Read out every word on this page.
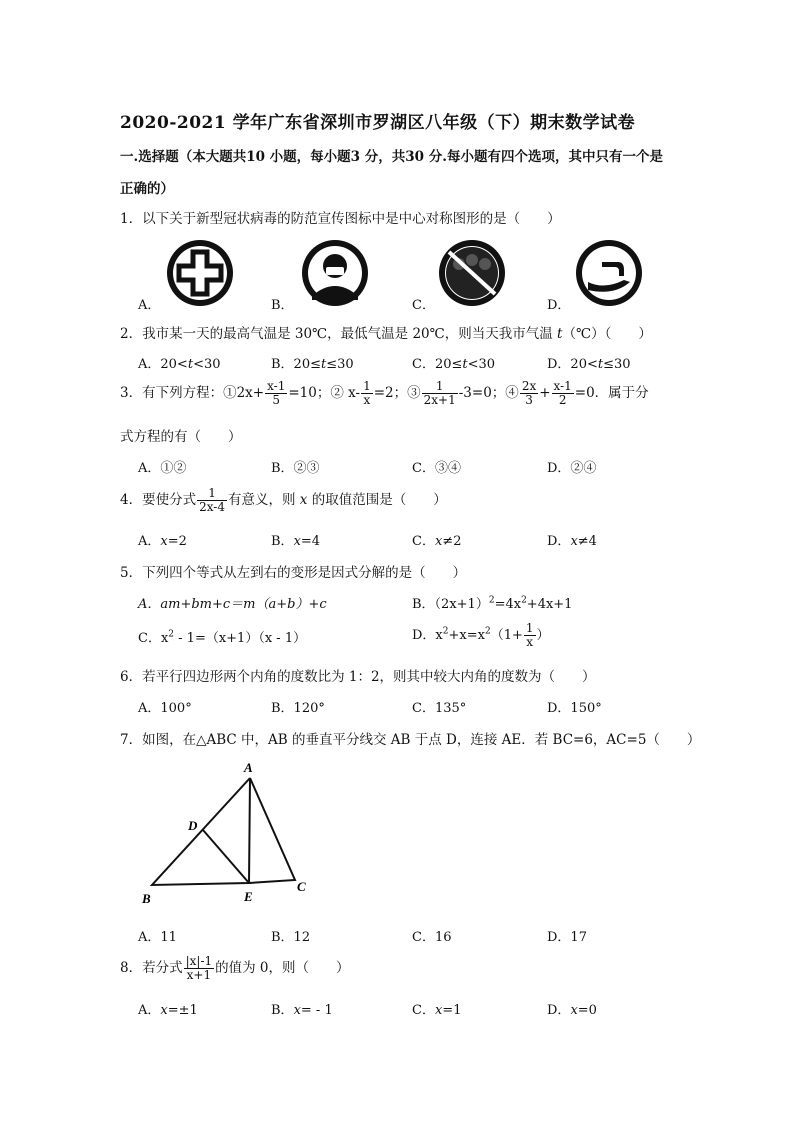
2020-2021 学年广东省深圳市罗湖区八年级（下）期末数学试卷
一.选择题（本大题共10 小题，每小题3 分，共30 分.每小题有四个选项，其中只有一个是
正确的）
1．以下关于新型冠状病毒的防范宣传图标中是中心对称图形的是（　　）
A．	B．	C．	D．
2．我市某一天的最高气温是 30℃，最低气温是 20℃，则当天我市气温 t（℃）（　　）
A．20<t<30	B．20≤t≤30	C．20≤t<30	D．20<t≤30
3．有下列方程：①2x+ $\frac{x-1}{5} =10$；② $x- \frac{1}{x} =2$；③ $\frac{1}{2x+1} -3=0$；④ $\frac{2x}{3} + \frac{x-1}{2} =0$．属于分
式方程的有（　　）
A．①②	B．②③	C．③④	D．②④
4．要使分式 $\frac{1}{2x-4}$ 有意义，则 x 的取值范围是（　　）
A．x=2	B．x=4	C．x≠2	D．x≠4
5．下列四个等式从左到右的变形是因式分解的是（　　）
A．am+bm+c＝m（a+b）+c	B．$(2x+1)^2=4x^2+4x+1$
C．$x^2 - 1=(x+1)(x - 1)$	D．$x^2+x=x^2(1+ \frac{1}{x}$ ）
6．若平行四边形两个内角的度数比为 1：2，则其中较大内角的度数为（　　）
A．100°	B．120°	C．135°	D．150°
7．如图，在△ABC 中，AB 的垂直平分线交 AB 于点 D，连接 AE．若 BC=6，AC=5（　　）
A
B
C
D
E
A．11	B．12	C．16	D．17
8．若分式 $\frac{|x|-1}{x+1}$ 的值为 0，则（　　）
A．x=±1	B．x= - 1	C．x=1	D．x=0
